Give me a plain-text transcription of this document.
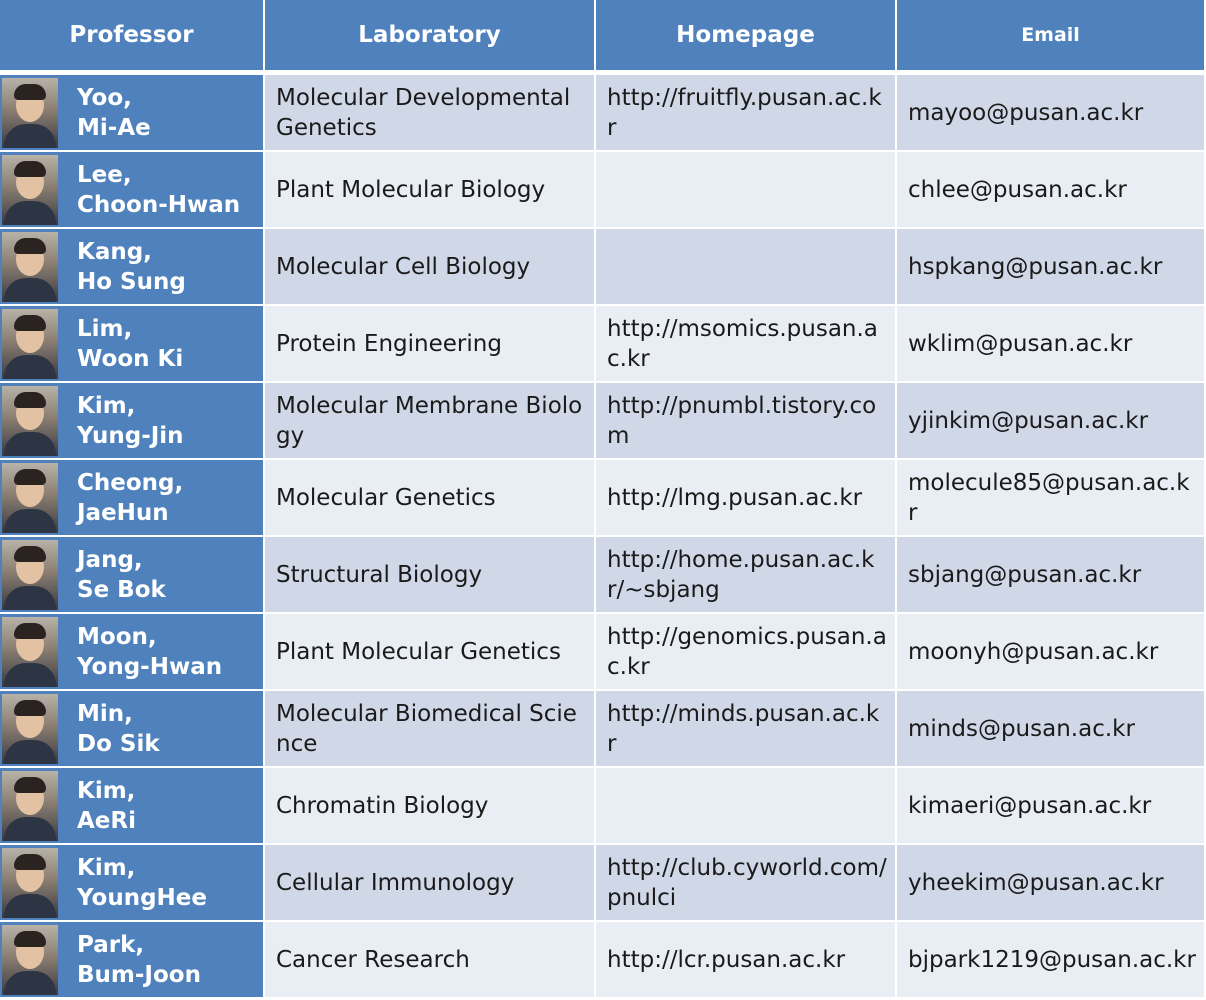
Professor	Laboratory	Homepage	Email

Yoo,
Mi-Ae	Molecular Developmental Genetics	http://fruitfly.pusan.ac.kr	mayoo@pusan.ac.kr

Lee,
Choon-Hwan	Plant Molecular Biology		chlee@pusan.ac.kr

Kang,
Ho Sung	Molecular Cell Biology		hspkang@pusan.ac.kr

Lim,
Woon Ki	Protein Engineering	http://msomics.pusan.ac.kr	wklim@pusan.ac.kr

Kim,
Yung-Jin	Molecular Membrane Biology	http://pnumbl.tistory.com	yjinkim@pusan.ac.kr

Cheong,
JaeHun	Molecular Genetics	http://lmg.pusan.ac.kr	molecule85@pusan.ac.kr

Jang,
Se Bok	Structural Biology	http://home.pusan.ac.kr/~sbjang	sbjang@pusan.ac.kr

Moon,
Yong-Hwan	Plant Molecular Genetics	http://genomics.pusan.ac.kr	moonyh@pusan.ac.kr

Min,
Do Sik	Molecular Biomedical Science	http://minds.pusan.ac.kr	minds@pusan.ac.kr

Kim,
AeRi	Chromatin Biology		kimaeri@pusan.ac.kr

Kim,
YoungHee	Cellular Immunology	http://club.cyworld.com/pnulci	yheekim@pusan.ac.kr

Park,
Bum-Joon	Cancer Research	http://lcr.pusan.ac.kr	bjpark1219@pusan.ac.kr
